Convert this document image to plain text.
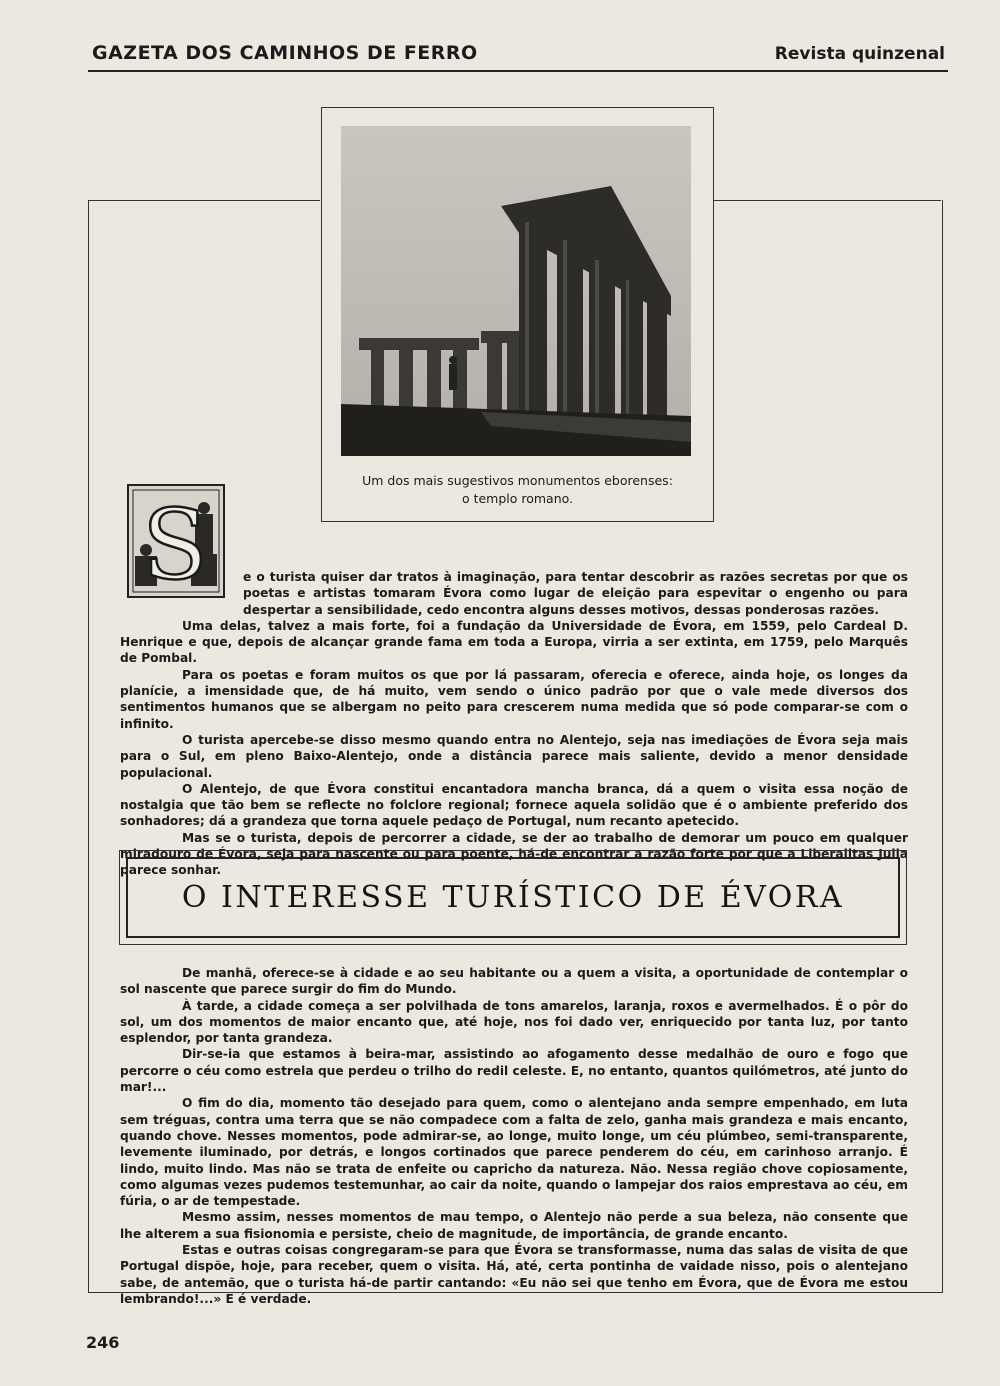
GAZETA DOS CAMINHOS DE FERRO	Revista quinzenal
Um dos mais sugestivos monumentos eborenses:
o templo romano.
S	e o turista quiser dar tratos à imaginação, para tentar descobrir as razões secretas por que os poetas e artistas tomaram Évora como lugar de eleição para espevitar o engenho ou para despertar a sensibilidade, cedo encontra alguns desses motivos, dessas ponderosas razões.

Uma delas, talvez a mais forte, foi a fundação da Universidade de Évora, em 1559, pelo Cardeal D. Henrique e que, depois de alcançar grande fama em toda a Europa, virria a ser extinta, em 1759, pelo Marquês de Pombal.

Para os poetas e foram muitos os que por lá passaram, oferecia e oferece, ainda hoje, os longes da planície, a imensidade que, de há muito, vem sendo o único padrão por que o vale mede diversos dos sentimentos humanos que se albergam no peito para crescerem numa medida que só pode comparar-se com o infinito.

O turista apercebe-se disso mesmo quando entra no Alentejo, seja nas imediações de Évora seja mais para o Sul, em pleno Baixo-Alentejo, onde a distância parece mais saliente, devido a menor densidade populacional.

O Alentejo, de que Évora constitui encantadora mancha branca, dá a quem o visita essa noção de nostalgia que tão bem se reflecte no folclore regional; fornece aquela solidão que é o ambiente preferido dos sonhadores; dá a grandeza que torna aquele pedaço de Portugal, num recanto apetecido.

Mas se o turista, depois de percorrer a cidade, se der ao trabalho de demorar um pouco em qualquer miradouro de Évora, seja para nascente ou para poente, há-de encontrar a razão forte por que a Liberalitas Julia parece sonhar.

O INTERESSE TURÍSTICO DE ÉVORA

De manhã, oferece-se à cidade e ao seu habitante ou a quem a visita, a oportunidade de contemplar o sol nascente que parece surgir do fim do Mundo.

À tarde, a cidade começa a ser polvilhada de tons amarelos, laranja, roxos e avermelhados. É o pôr do sol, um dos momentos de maior encanto que, até hoje, nos foi dado ver, enriquecido por tanta luz, por tanto esplendor, por tanta grandeza.

Dir-se-ia que estamos à beira-mar, assistindo ao afogamento desse medalhão de ouro e fogo que percorre o céu como estrela que perdeu o trilho do redil celeste. E, no entanto, quantos quilómetros, até junto do mar!...

O fim do dia, momento tão desejado para quem, como o alentejano anda sempre empenhado, em luta sem tréguas, contra uma terra que se não compadece com a falta de zelo, ganha mais grandeza e mais encanto, quando chove. Nesses momentos, pode admirar-se, ao longe, muito longe, um céu plúmbeo, semi-transparente, levemente iluminado, por detrás, e longos cortinados que parece penderem do céu, em carinhoso arranjo. É lindo, muito lindo. Mas não se trata de enfeite ou capricho da natureza. Não. Nessa região chove copiosamente, como algumas vezes pudemos testemunhar, ao cair da noite, quando o lampejar dos raios emprestava ao céu, em fúria, o ar de tempestade.

Mesmo assim, nesses momentos de mau tempo, o Alentejo não perde a sua beleza, não consente que lhe alterem a sua fisionomia e persiste, cheio de magnitude, de importância, de grande encanto.

Estas e outras coisas congregaram-se para que Évora se transformasse, numa das salas de visita de que Portugal dispõe, hoje, para receber, quem o visita. Há, até, certa pontinha de vaidade nisso, pois o alentejano sabe, de antemão, que o turista há-de partir cantando: «Eu não sei que tenho em Évora, que de Évora me estou lembrando!...» E é verdade.

246
